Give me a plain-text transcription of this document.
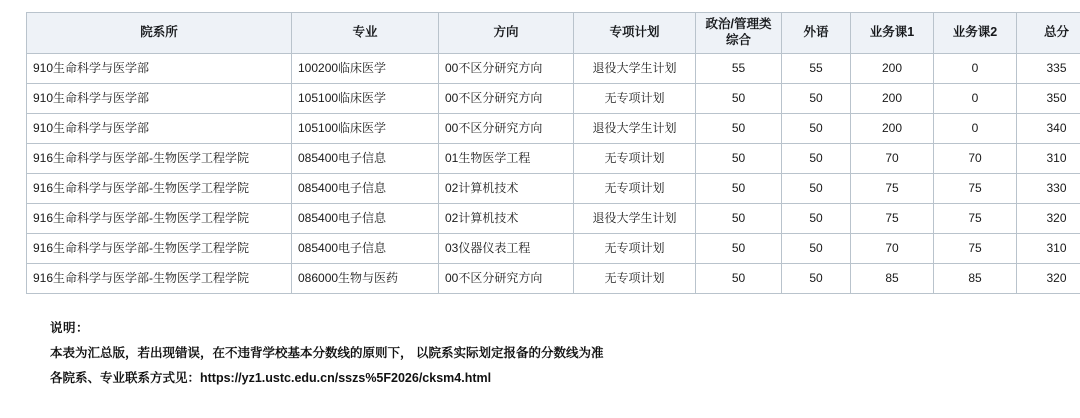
院系所	专业	方向	专项计划	政治/管理类综合	外语	业务课1	业务课2	总分
910生命科学与医学部	100200临床医学	00不区分研究方向	退役大学生计划	55	55	200	0	335
910生命科学与医学部	105100临床医学	00不区分研究方向	无专项计划	50	50	200	0	350
910生命科学与医学部	105100临床医学	00不区分研究方向	退役大学生计划	50	50	200	0	340
916生命科学与医学部-生物医学工程学院	085400电子信息	01生物医学工程	无专项计划	50	50	70	70	310
916生命科学与医学部-生物医学工程学院	085400电子信息	02计算机技术	无专项计划	50	50	75	75	330
916生命科学与医学部-生物医学工程学院	085400电子信息	02计算机技术	退役大学生计划	50	50	75	75	320
916生命科学与医学部-生物医学工程学院	085400电子信息	03仪器仪表工程	无专项计划	50	50	70	75	310
916生命科学与医学部-生物医学工程学院	086000生物与医药	00不区分研究方向	无专项计划	50	50	85	85	320
说明：
本表为汇总版，若出现错误，在不违背学校基本分数线的原则下， 以院系实际划定报备的分数线为准
各院系、专业联系方式见：https://yz1.ustc.edu.cn/sszs%5F2026/cksm4.html
